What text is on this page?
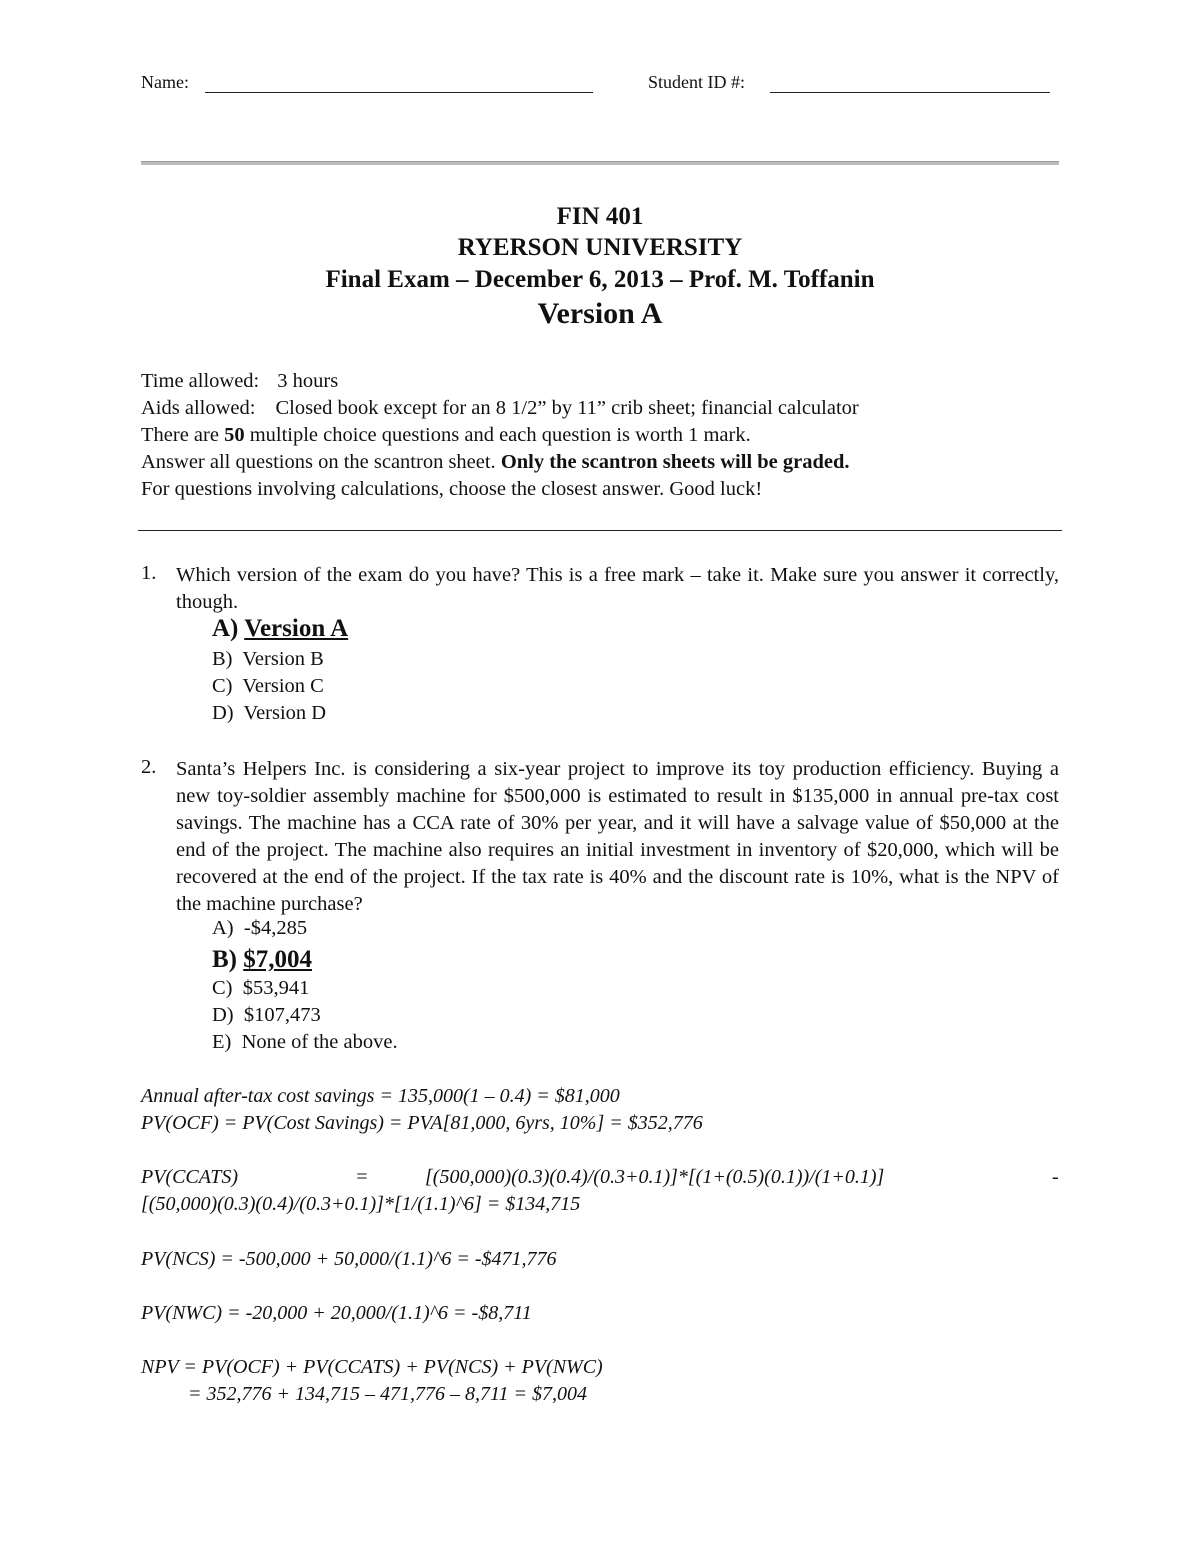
Name:	Student ID #:
FIN 401
RYERSON UNIVERSITY
Final Exam – December 6, 2013 – Prof. M. Toffanin
Version A
Time allowed: 3 hours
Aids allowed: Closed book except for an 8 1/2” by 11” crib sheet; financial calculator
There are 50 multiple choice questions and each question is worth 1 mark.
Answer all questions on the scantron sheet. Only the scantron sheets will be graded.
For questions involving calculations, choose the closest answer. Good luck!
1. Which version of the exam do you have? This is a free mark – take it. Make sure you answer it correctly, though.
A) Version A
B) Version B
C) Version C
D) Version D
2. Santa’s Helpers Inc. is considering a six-year project to improve its toy production efficiency. Buying a new toy-soldier assembly machine for $500,000 is estimated to result in $135,000 in annual pre-tax cost savings. The machine has a CCA rate of 30% per year, and it will have a salvage value of $50,000 at the end of the project. The machine also requires an initial investment in inventory of $20,000, which will be recovered at the end of the project. If the tax rate is 40% and the discount rate is 10%, what is the NPV of the machine purchase?
A) -$4,285
B) $7,004
C) $53,941
D) $107,473
E) None of the above.
Annual after-tax cost savings = 135,000(1 – 0.4) = $81,000
PV(OCF) = PV(Cost Savings) = PVA[81,000, 6yrs, 10%] = $352,776
PV(CCATS)	=	[(500,000)(0.3)(0.4)/(0.3+0.1)]*[(1+(0.5)(0.1))/(1+0.1)]	-
[(50,000)(0.3)(0.4)/(0.3+0.1)]*[1/(1.1)^6] = $134,715
PV(NCS) = -500,000 + 50,000/(1.1)^6 = -$471,776
PV(NWC) = -20,000 + 20,000/(1.1)^6 = -$8,711
NPV = PV(OCF) + PV(CCATS) + PV(NCS) + PV(NWC)
= 352,776 + 134,715 – 471,776 – 8,711 = $7,004
